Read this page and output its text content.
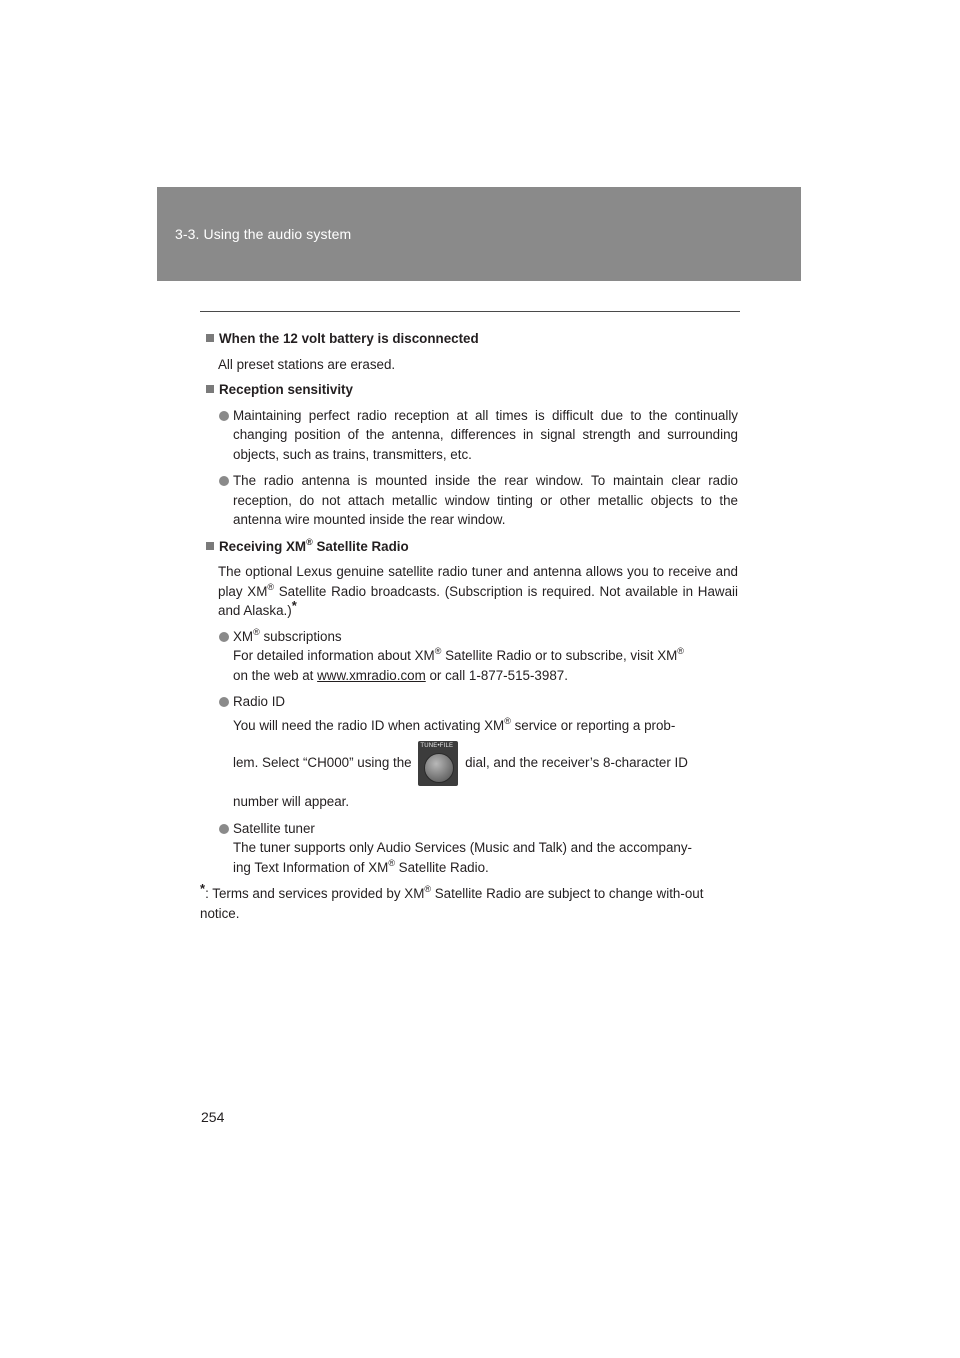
3-3. Using the audio system
When the 12 volt battery is disconnected
All preset stations are erased.
Reception sensitivity
Maintaining perfect radio reception at all times is difficult due to the continually changing position of the antenna, differences in signal strength and surrounding objects, such as trains, transmitters, etc.
The radio antenna is mounted inside the rear window. To maintain clear radio reception, do not attach metallic window tinting or other metallic objects to the antenna wire mounted inside the rear window.
Receiving XM® Satellite Radio
The optional Lexus genuine satellite radio tuner and antenna allows you to receive and play XM® Satellite Radio broadcasts. (Subscription is required. Not available in Hawaii and Alaska.)*
XM® subscriptions
For detailed information about XM® Satellite Radio or to subscribe, visit XM®
on the web at www.xmradio.com or call 1-877-515-3987.
Radio ID
You will need the radio ID when activating XM® service or reporting a prob-
lem. Select “CH000” using the
TUNE•FILE
dial, and the receiver’s 8-character ID
number will appear.
Satellite tuner
The tuner supports only Audio Services (Music and Talk) and the accompany-
ing Text Information of XM® Satellite Radio.
*: Terms and services provided by XM® Satellite Radio are subject to change with-out notice.
254
